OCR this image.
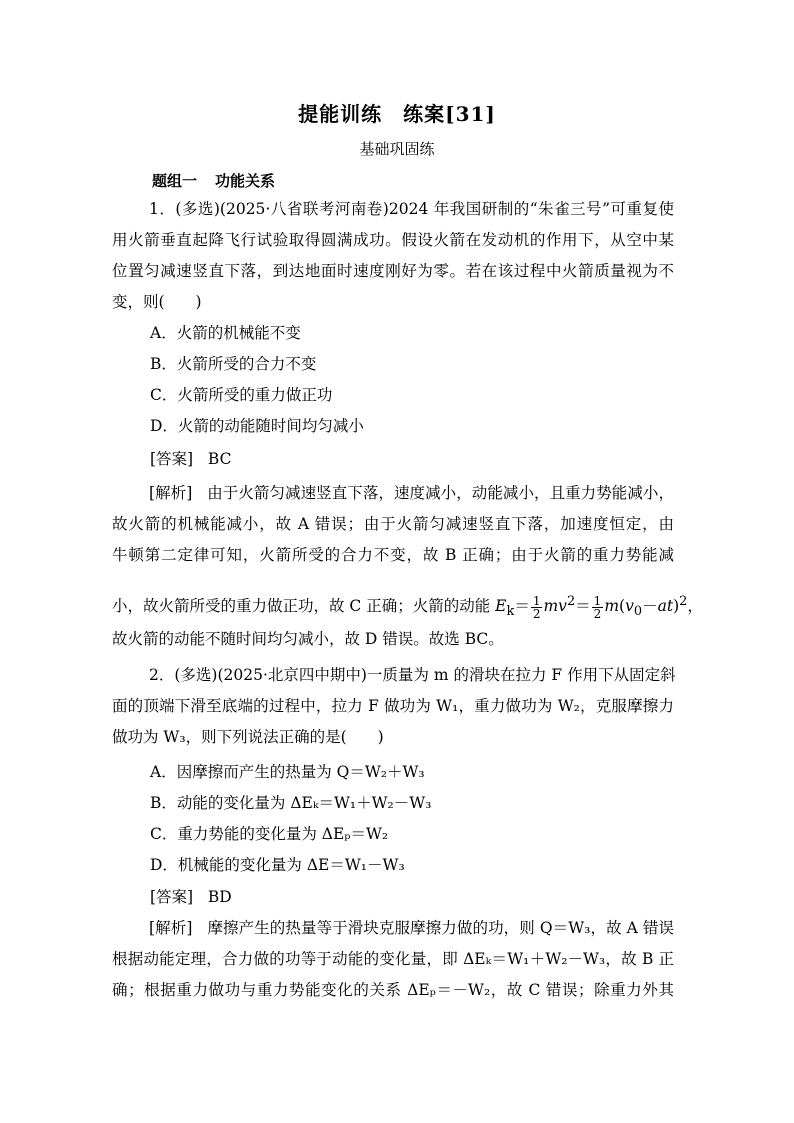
提能训练　练案[31]
基础巩固练
题组一 功能关系
1．(多选)(2025·八省联考河南卷)2024 年我国研制的“朱雀三号”可重复使
用火箭垂直起降飞行试验取得圆满成功。假设火箭在发动机的作用下，从空中某
位置匀减速竖直下落，到达地面时速度刚好为零。若在该过程中火箭质量视为不
变，则(　　)
A．火箭的机械能不变
B．火箭所受的合力不变
C．火箭所受的重力做正功
D．火箭的动能随时间均匀减小
[答案] BC
[解析] 由于火箭匀减速竖直下落，速度减小，动能减小，且重力势能减小，
故火箭的机械能减小，故 A 错误；由于火箭匀减速竖直下落，加速度恒定，由
牛顿第二定律可知，火箭所受的合力不变，故 B 正确；由于火箭的重力势能减
小，故火箭所受的重力做正功，故 C 正确；火箭的动能 $E_k= \frac{1}{2} mv^2= \frac{1}{2} m(v_0-at)^2$，
故火箭的动能不随时间均匀减小，故 D 错误。故选 BC。
2．(多选)(2025·北京四中期中)一质量为 m 的滑块在拉力 F 作用下从固定斜
面的顶端下滑至底端的过程中，拉力 F 做功为 W₁，重力做功为 W₂，克服摩擦力
做功为 W₃，则下列说法正确的是(　　)
A．因摩擦而产生的热量为 Q＝W₂＋W₃
B．动能的变化量为 ΔEₖ＝W₁＋W₂－W₃
C．重力势能的变化量为 ΔEₚ＝W₂
D．机械能的变化量为 ΔE＝W₁－W₃
[答案] BD
[解析] 摩擦产生的热量等于滑块克服摩擦力做的功，则 Q＝W₃，故 A 错误
根据动能定理，合力做的功等于动能的变化量，即 ΔEₖ＝W₁＋W₂－W₃，故 B 正
确；根据重力做功与重力势能变化的关系 ΔEₚ＝－W₂，故 C 错误；除重力外其
